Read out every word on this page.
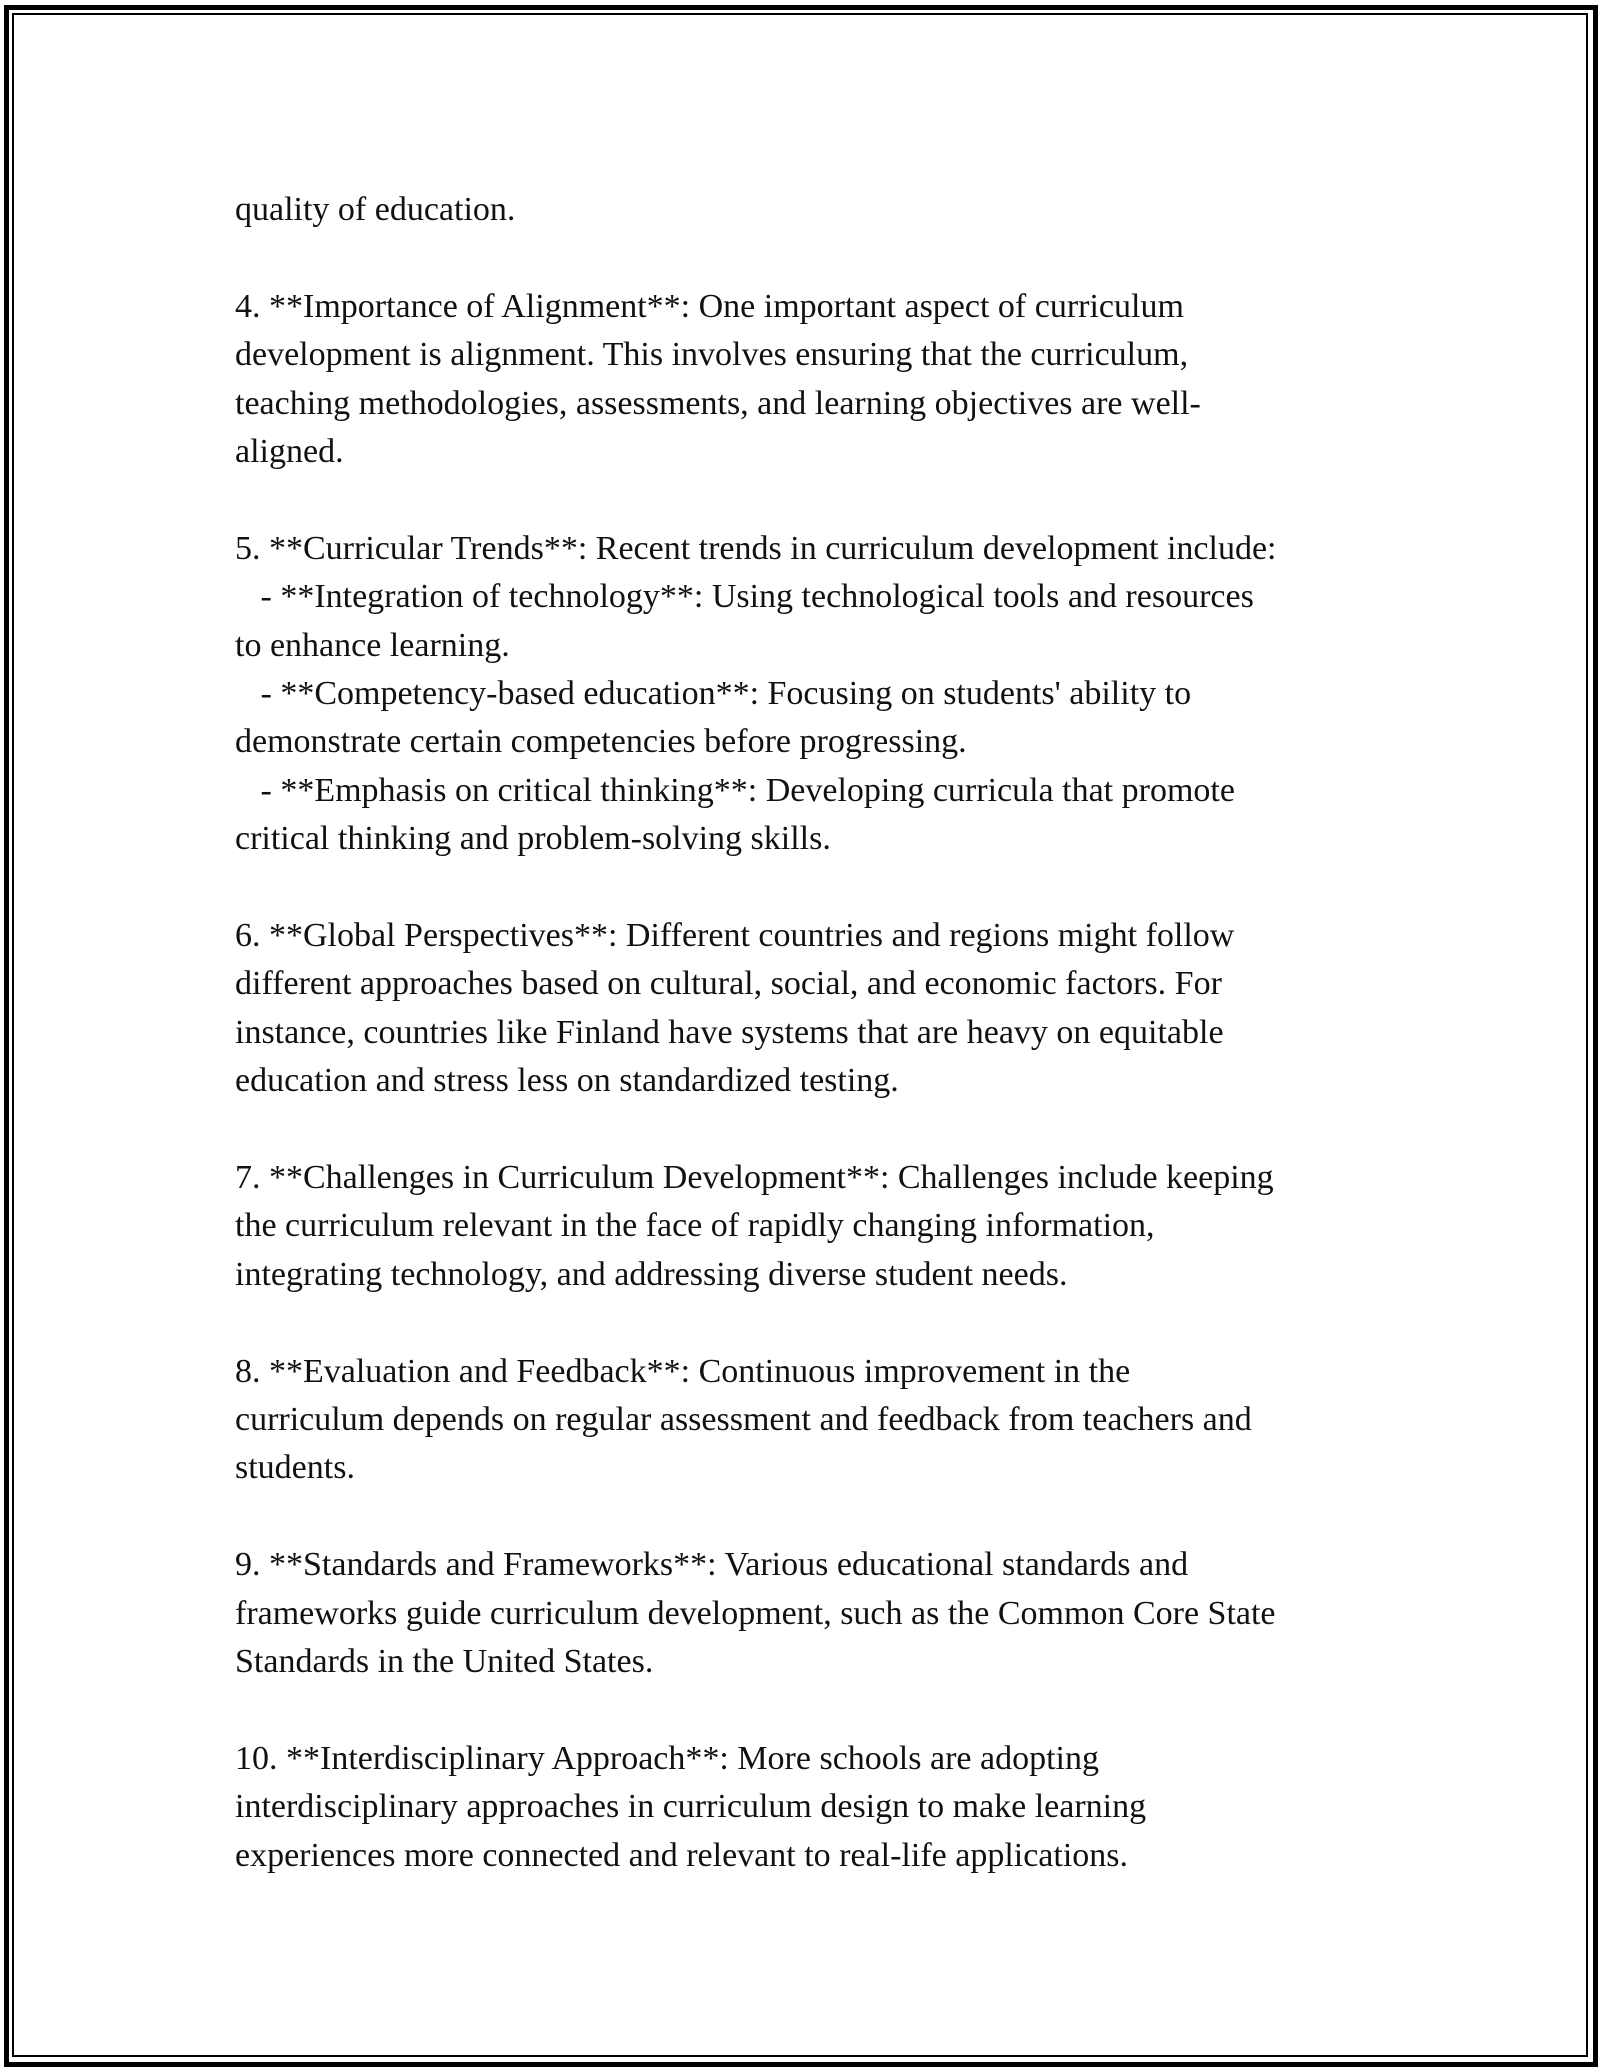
quality of education.
4. **Importance of Alignment**: One important aspect of curriculum
development is alignment. This involves ensuring that the curriculum,
teaching methodologies, assessments, and learning objectives are well-
aligned.
5. **Curricular Trends**: Recent trends in curriculum development include:
- **Integration of technology**: Using technological tools and resources
to enhance learning.
- **Competency-based education**: Focusing on students' ability to
demonstrate certain competencies before progressing.
- **Emphasis on critical thinking**: Developing curricula that promote
critical thinking and problem-solving skills.
6. **Global Perspectives**: Different countries and regions might follow
different approaches based on cultural, social, and economic factors. For
instance, countries like Finland have systems that are heavy on equitable
education and stress less on standardized testing.
7. **Challenges in Curriculum Development**: Challenges include keeping
the curriculum relevant in the face of rapidly changing information,
integrating technology, and addressing diverse student needs.
8. **Evaluation and Feedback**: Continuous improvement in the
curriculum depends on regular assessment and feedback from teachers and
students.
9. **Standards and Frameworks**: Various educational standards and
frameworks guide curriculum development, such as the Common Core State
Standards in the United States.
10. **Interdisciplinary Approach**: More schools are adopting
interdisciplinary approaches in curriculum design to make learning
experiences more connected and relevant to real-life applications.
